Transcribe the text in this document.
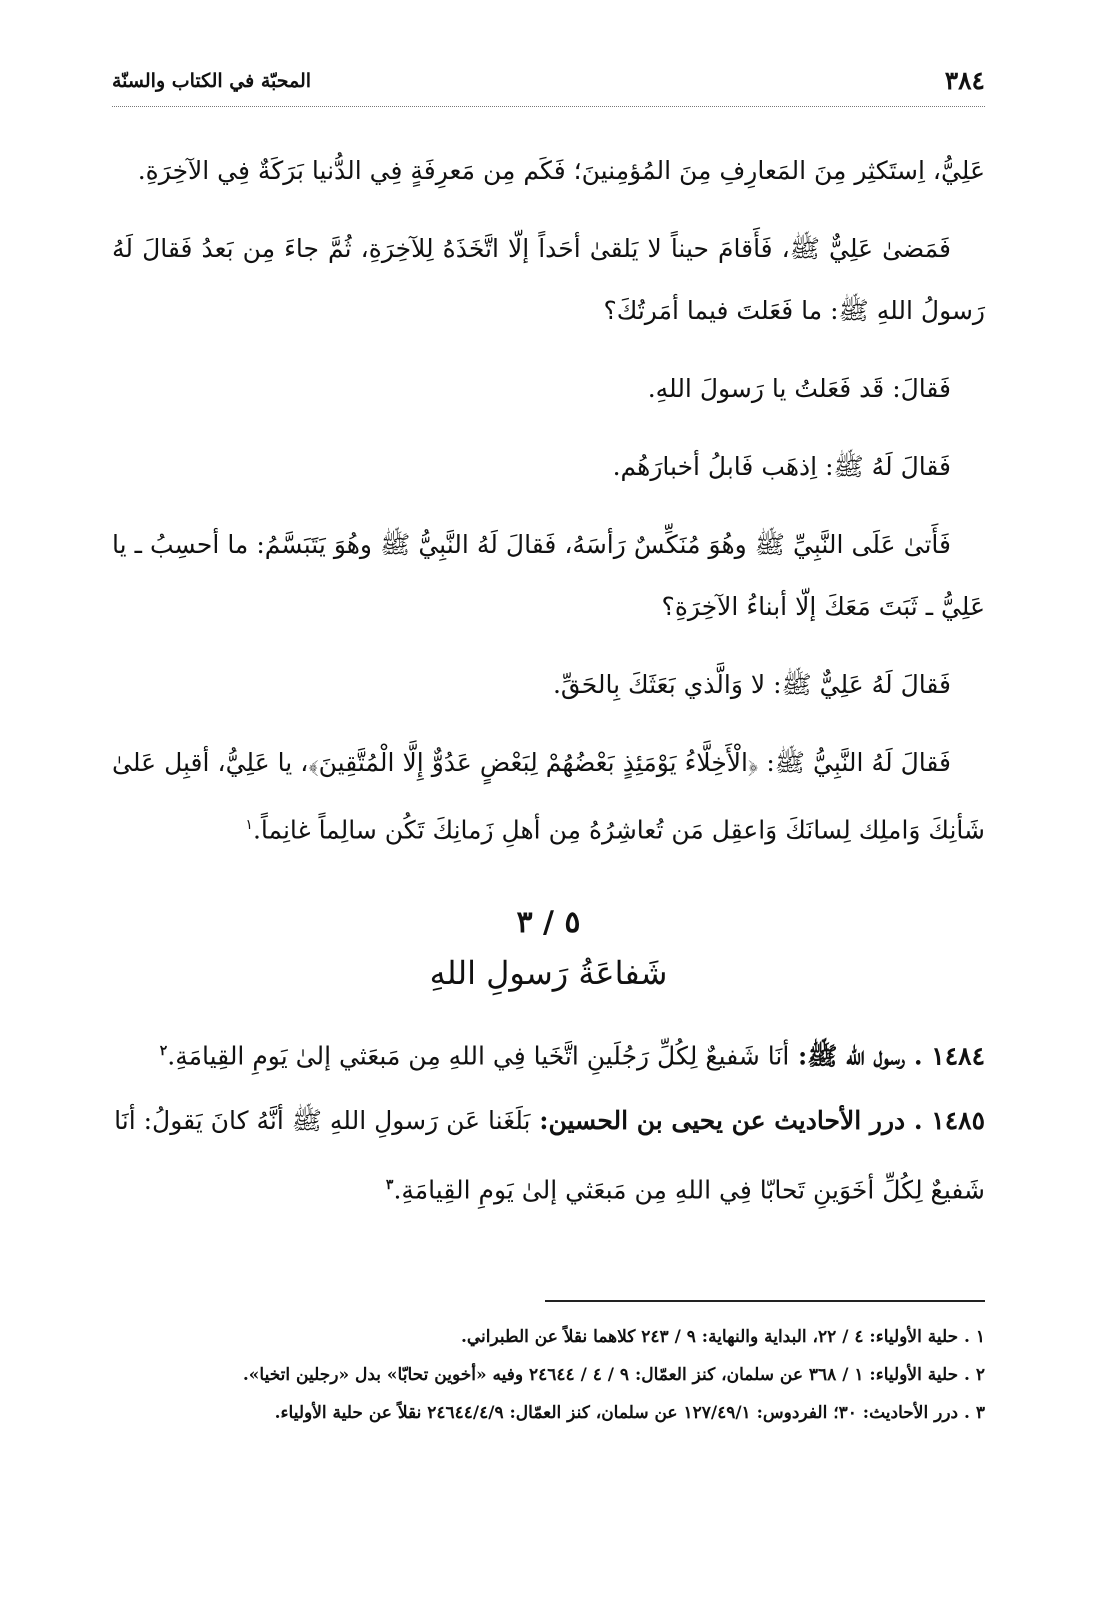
٣٨٤
المحبّة في الكتاب والسنّة

عَلِيُّ، اِستَكثِر مِنَ المَعارِفِ مِنَ المُؤمِنينَ؛ فَكَم مِن مَعرِفَةٍ فِي الدُّنيا بَرَكَةٌ فِي الآخِرَةِ.

فَمَضىٰ عَلِيٌّ ﷺ، فَأَقامَ حيناً لا يَلقىٰ أحَداً إلّا اتَّخَذَهُ لِلآخِرَةِ، ثُمَّ جاءَ مِن بَعدُ فَقالَ لَهُ رَسولُ اللهِ ﷺ: ما فَعَلتَ فيما أمَرتُكَ؟

فَقالَ: قَد فَعَلتُ يا رَسولَ اللهِ.

فَقالَ لَهُ ﷺ: اِذهَب فَابلُ أخبارَهُم.

فَأَتىٰ عَلَى النَّبِيِّ ﷺ وهُوَ مُنَكِّسٌ رَأسَهُ، فَقالَ لَهُ النَّبِيُّ ﷺ وهُوَ يَتَبَسَّمُ: ما أحسِبُ ـ يا عَلِيُّ ـ ثَبَتَ مَعَكَ إلّا أبناءُ الآخِرَةِ؟

فَقالَ لَهُ عَلِيٌّ ﷺ: لا وَالَّذي بَعَثَكَ بِالحَقِّ.

فَقالَ لَهُ النَّبِيُّ ﷺ: ﴿الْأَخِلَّاءُ يَوْمَئِذٍ بَعْضُهُمْ لِبَعْضٍ عَدُوٌّ إِلَّا الْمُتَّقِينَ﴾، يا عَلِيُّ، أقبِل عَلىٰ شَأنِكَ وَاملِك لِسانَكَ وَاعقِل مَن تُعاشِرُهُ مِن أهلِ زَمانِكَ تَكُن سالِماً غانِماً.$^١$

٥ / ٣
شَفاعَةُ رَسولِ اللهِ

١٤٨٤ . رسول الله ﷺ: أنَا شَفيعٌ لِكُلِّ رَجُلَينِ اتَّخَيا فِي اللهِ مِن مَبعَثي إلىٰ يَومِ القِيامَةِ.$^٢$

١٤٨٥ . درر الأحاديث عن يحيى بن الحسين: بَلَغَنا عَن رَسولِ اللهِ ﷺ أنَّهُ كانَ يَقولُ: أنَا شَفيعٌ لِكُلِّ أخَوَينِ تَحابّا فِي اللهِ مِن مَبعَثي إلىٰ يَومِ القِيامَةِ.$^٣$

١ . حلية الأولياء: ٤ / ٢٢، البداية والنهاية: ٩ / ٢٤٣ كلاهما نقلاً عن الطبراني.

٢ . حلية الأولياء: ١ / ٣٦٨ عن سلمان، كنز العمّال: ٩ / ٤ / ٢٤٦٤٤ وفيه «أخوين تحابّا» بدل «رجلين اتخيا».

٣ . درر الأحاديث: ٣٠؛ الفردوس: ١٢٧/٤٩/١ عن سلمان، كنز العمّال: ٢٤٦٤٤/٤/٩ نقلاً عن حلية الأولياء.
